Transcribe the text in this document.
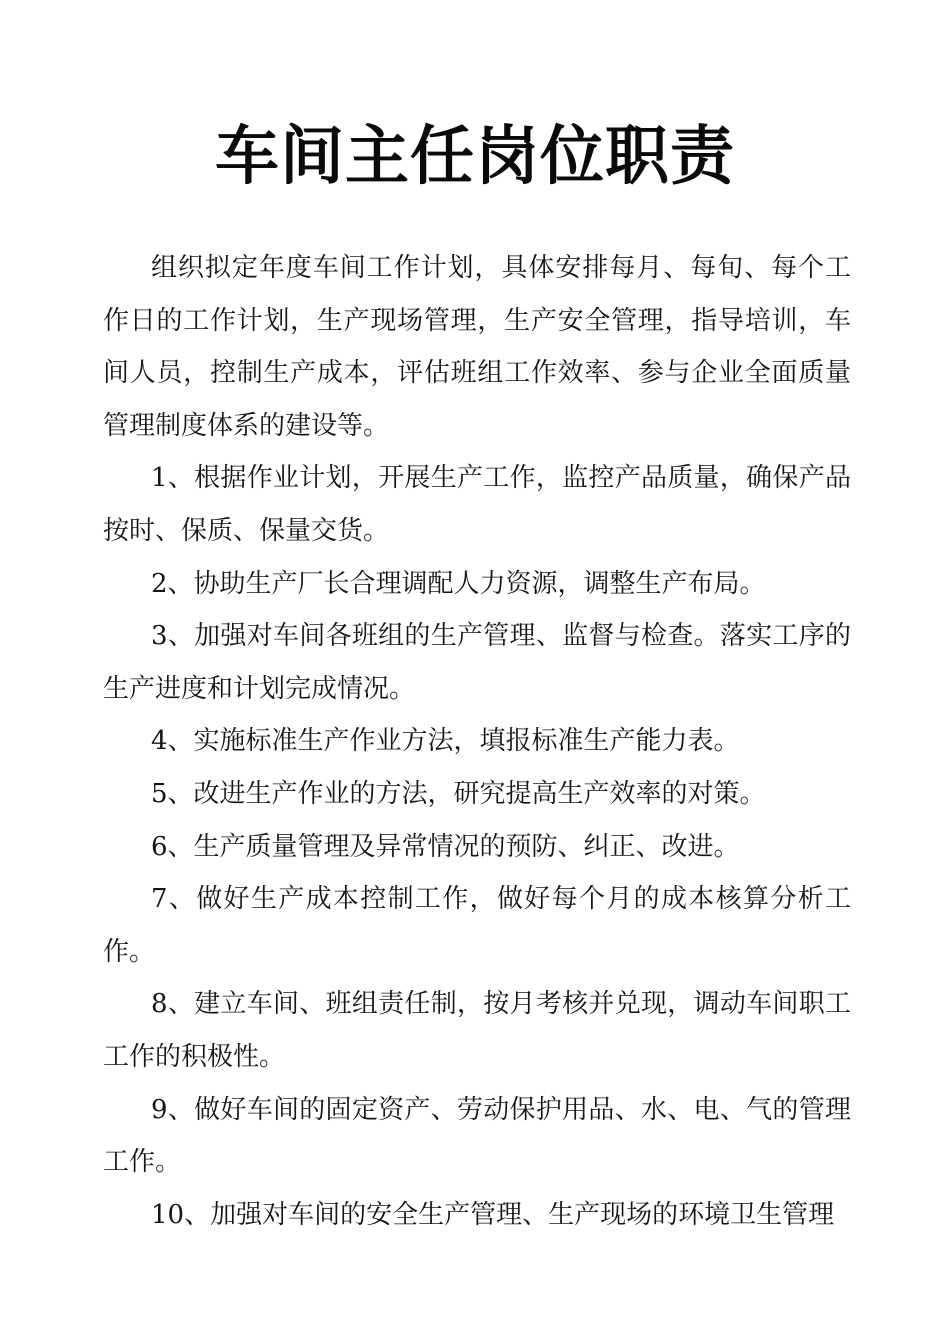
车间主任岗位职责

组织拟定年度车间工作计划，具体安排每月、每旬、每个工作日的工作计划，生产现场管理，生产安全管理，指导培训，车间人员，控制生产成本，评估班组工作效率、参与企业全面质量管理制度体系的建设等。

1、根据作业计划，开展生产工作，监控产品质量，确保产品按时、保质、保量交货。

2、协助生产厂长合理调配人力资源，调整生产布局。

3、加强对车间各班组的生产管理、监督与检查。落实工序的生产进度和计划完成情况。

4、实施标准生产作业方法，填报标准生产能力表。

5、改进生产作业的方法，研究提高生产效率的对策。

6、生产质量管理及异常情况的预防、纠正、改进。

7、做好生产成本控制工作，做好每个月的成本核算分析工作。

8、建立车间、班组责任制，按月考核并兑现，调动车间职工工作的积极性。

9、做好车间的固定资产、劳动保护用品、水、电、气的管理工作。

10、加强对车间的安全生产管理、生产现场的环境卫生管理
